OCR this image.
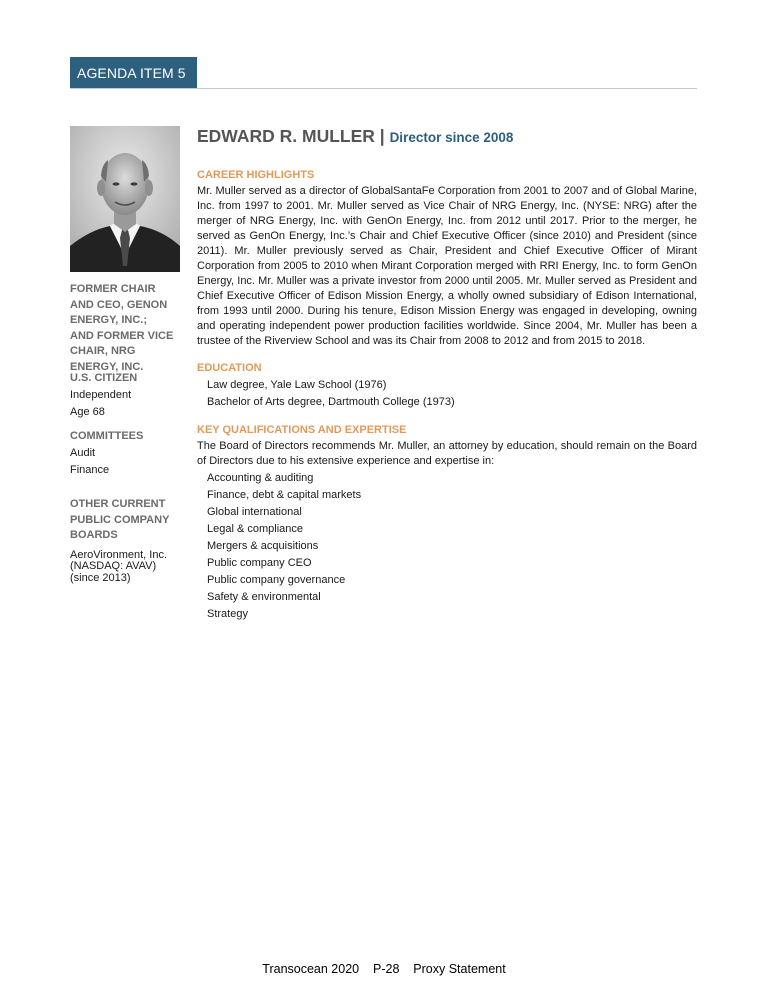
AGENDA ITEM 5
FORMER CHAIR
AND CEO, GENON
ENERGY, INC.;
AND FORMER VICE
CHAIR, NRG
ENERGY, INC.
U.S. CITIZEN
Independent
Age 68
COMMITTEES
Audit
Finance
OTHER CURRENT
PUBLIC COMPANY
BOARDS
AeroVironment, Inc.
(NASDAQ: AVAV)
(since 2013)
EDWARD R. MULLER | Director since 2008
CAREER HIGHLIGHTS
Mr. Muller served as a director of GlobalSantaFe Corporation from 2001 to 2007 and of Global Marine, Inc. from 1997 to 2001. Mr. Muller served as Vice Chair of NRG Energy, Inc. (NYSE: NRG) after the merger of NRG Energy, Inc. with GenOn Energy, Inc. from 2012 until 2017. Prior to the merger, he served as GenOn Energy, Inc.’s Chair and Chief Executive Officer (since 2010) and President (since 2011). Mr. Muller previously served as Chair, President and Chief Executive Officer of Mirant Corporation from 2005 to 2010 when Mirant Corporation merged with RRI Energy, Inc. to form GenOn Energy, Inc. Mr. Muller was a private investor from 2000 until 2005. Mr. Muller served as President and Chief Executive Officer of Edison Mission Energy, a wholly owned subsidiary of Edison International, from 1993 until 2000. During his tenure, Edison Mission Energy was engaged in developing, owning and operating independent power production facilities worldwide. Since 2004, Mr. Muller has been a trustee of the Riverview School and was its Chair from 2008 to 2012 and from 2015 to 2018.
EDUCATION
Law degree, Yale Law School (1976)
Bachelor of Arts degree, Dartmouth College (1973)
KEY QUALIFICATIONS AND EXPERTISE
The Board of Directors recommends Mr. Muller, an attorney by education, should remain on the Board of Directors due to his extensive experience and expertise in:
Accounting & auditing
Finance, debt & capital markets
Global international
Legal & compliance
Mergers & acquisitions
Public company CEO
Public company governance
Safety & environmental
Strategy
Transocean 2020    P-28    Proxy Statement
